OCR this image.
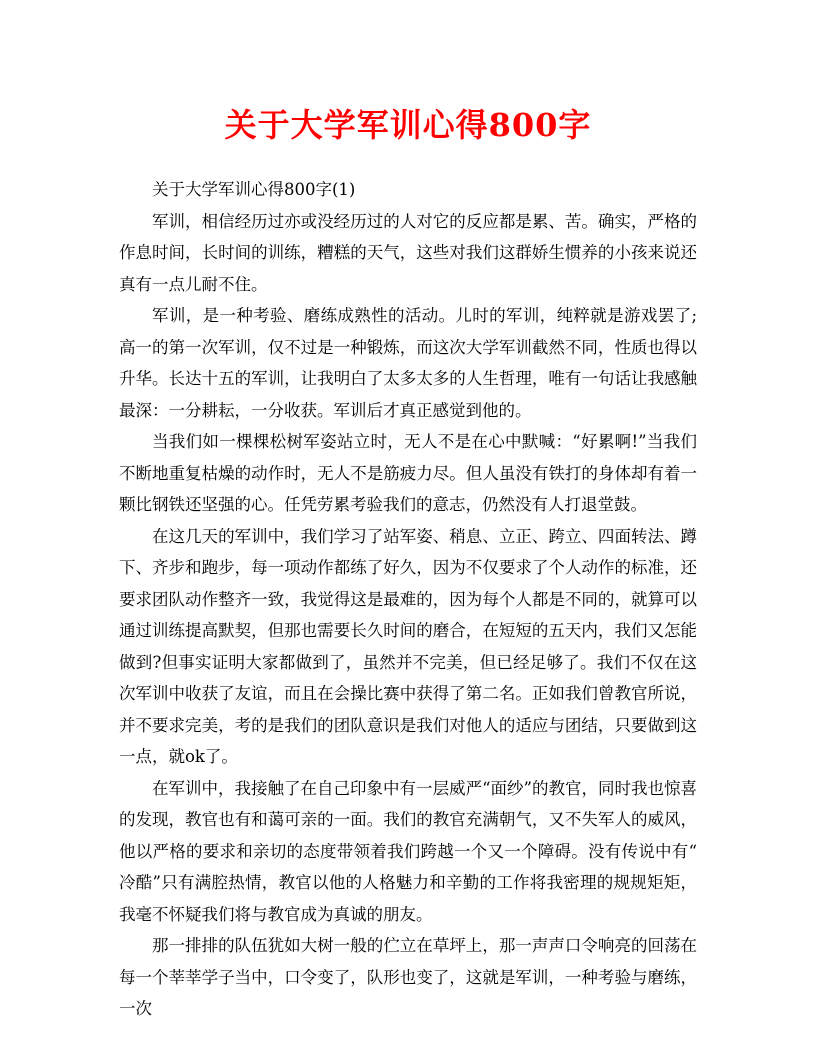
关于大学军训心得800字

关于大学军训心得800字(1)

军训，相信经历过亦或没经历过的人对它的反应都是累、苦。确实，严格的作息时间，长时间的训练，糟糕的天气，这些对我们这群娇生惯养的小孩来说还真有一点儿耐不住。

军训，是一种考验、磨练成熟性的活动。儿时的军训，纯粹就是游戏罢了;高一的第一次军训，仅不过是一种锻炼，而这次大学军训截然不同，性质也得以升华。长达十五的军训，让我明白了太多太多的人生哲理，唯有一句话让我感触最深：一分耕耘，一分收获。军训后才真正感觉到他的。

当我们如一棵棵松树军姿站立时，无人不是在心中默喊：“好累啊!”当我们不断地重复枯燥的动作时，无人不是筋疲力尽。但人虽没有铁打的身体却有着一颗比钢铁还坚强的心。任凭劳累考验我们的意志，仍然没有人打退堂鼓。

在这几天的军训中，我们学习了站军姿、稍息、立正、跨立、四面转法、蹲下、齐步和跑步，每一项动作都练了好久，因为不仅要求了个人动作的标准，还要求团队动作整齐一致，我觉得这是最难的，因为每个人都是不同的，就算可以通过训练提高默契，但那也需要长久时间的磨合，在短短的五天内，我们又怎能做到?但事实证明大家都做到了，虽然并不完美，但已经足够了。我们不仅在这次军训中收获了友谊，而且在会操比赛中获得了第二名。正如我们曾教官所说，并不要求完美，考的是我们的团队意识是我们对他人的适应与团结，只要做到这一点，就ok了。

在军训中，我接触了在自己印象中有一层威严“面纱”的教官，同时我也惊喜的发现，教官也有和蔼可亲的一面。我们的教官充满朝气，又不失军人的威风，他以严格的要求和亲切的态度带领着我们跨越一个又一个障碍。没有传说中有“冷酷”只有满腔热情，教官以他的人格魅力和辛勤的工作将我密理的规规矩矩，我毫不怀疑我们将与教官成为真诚的朋友。

那一排排的队伍犹如大树一般的伫立在草坪上，那一声声口令响亮的回荡在每一个莘莘学子当中，口令变了，队形也变了，这就是军训，一种考验与磨练，一次
